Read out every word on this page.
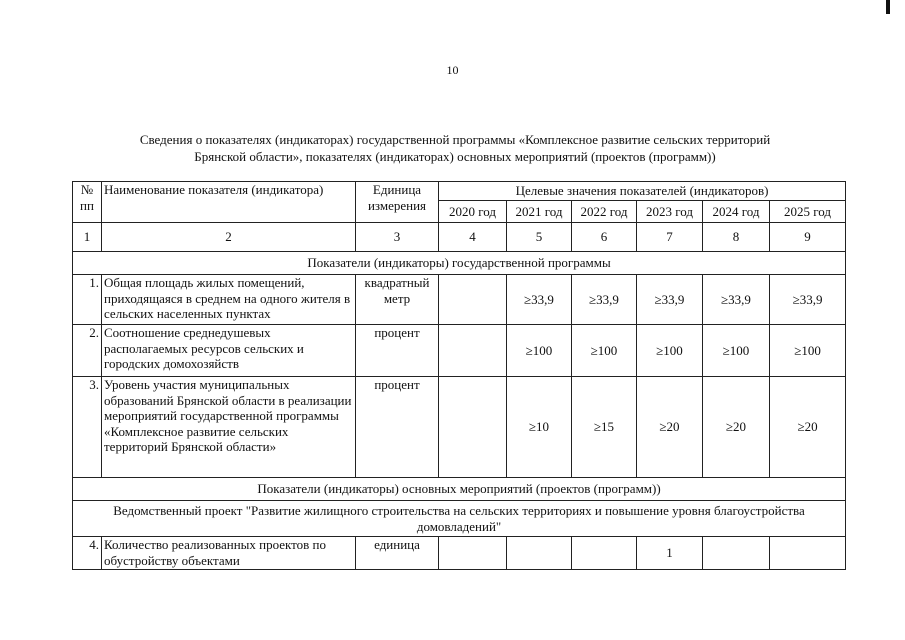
10
Сведения о показателях (индикаторах) государственной программы «Комплексное развитие сельских территорий
Брянской области», показателях (индикаторах) основных мероприятий (проектов (программ))
№ пп	Наименование показателя (индикатора)	Единица измерения	Целевые значения показателей (индикаторов)					
			2020 год	2021 год	2022 год	2023 год	2024 год	2025 год
1	2	3	4	5	6	7	8	9
Показатели (индикаторы) государственной программы								
1.	Общая площадь жилых помещений, приходящаяся в среднем на одного жителя в сельских населенных пунктах	квадратный метр		≥33,9	≥33,9	≥33,9	≥33,9	≥33,9
2.	Соотношение среднедушевых располагаемых ресурсов сельских и городских домохозяйств	процент		≥100	≥100	≥100	≥100	≥100
3.	Уровень участия муниципальных образований Брянской области в реализации мероприятий государственной программы «Комплексное развитие сельских территорий Брянской области»	процент		≥10	≥15	≥20	≥20	≥20
Показатели (индикаторы) основных мероприятий (проектов (программ))								
Ведомственный проект "Развитие жилищного строительства на сельских территориях и повышение уровня благоустройства домовладений"								
4.	Количество реализованных проектов по обустройству объектами	единица				1		
